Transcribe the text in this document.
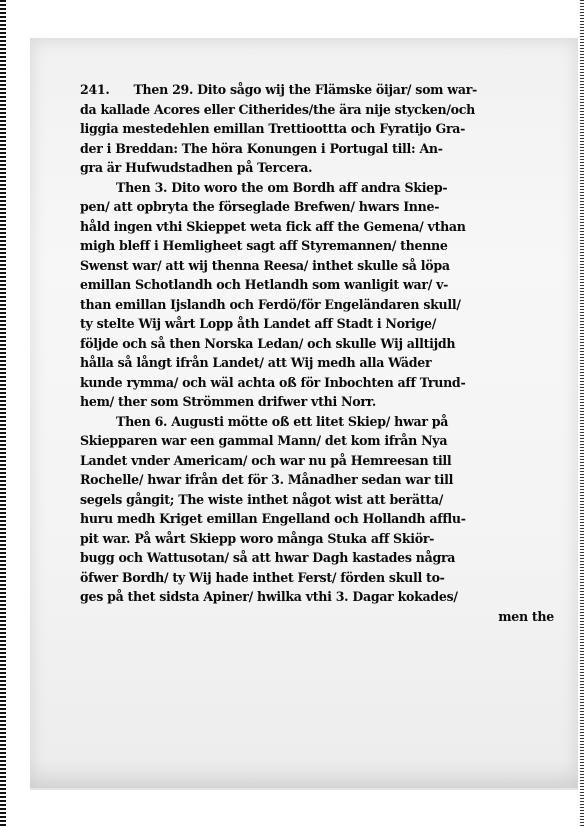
241. Then 29. Dito sågo wij the Flämske öijar/ som war-
da kallade Acores eller Citherides/the ära nije stycken/och
liggia mestedehlen emillan Trettioottta och Fyratijo Gra-
der i Breddan: The höra Konungen i Portugal till: An-
gra är Hufwudstadhen på Tercera.
Then 3. Dito woro the om Bordh aff andra Skiep-
pen/ att opbryta the förseglade Brefwen/ hwars Inne-
håld ingen vthi Skieppet weta fick aff the Gemena/ vthan
migh bleff i Hemligheet sagt aff Styremannen/ thenne
Swenst war/ att wij thenna Reesa/ inthet skulle så löpa
emillan Schotlandh och Hetlandh som wanligit war/ v-
than emillan Ijslandh och Ferdö/för Engeländaren skull/
ty stelte Wij wårt Lopp åth Landet aff Stadt i Norige/
följde och så then Norska Ledan/ och skulle Wij alltijdh
hålla så långt ifrån Landet/ att Wij medh alla Wäder
kunde rymma/ och wäl achta oß för Inbochten aff Trund-
hem/ ther som Strömmen drifwer vthi Norr.
Then 6. Augusti mötte oß ett litet Skiep/ hwar på
Skiepparen war een gammal Mann/ det kom ifrån Nya
Landet vnder Americam/ och war nu på Hemreesan till
Rochelle/ hwar ifrån det för 3. Månadher sedan war till
segels gångit; The wiste inthet något wist att berätta/
huru medh Kriget emillan Engelland och Hollandh afflu-
pit war. På wårt Skiepp woro många Stuka aff Skiör-
bugg och Wattusotan/ så att hwar Dagh kastades några
öfwer Bordh/ ty Wij hade inthet Ferst/ förden skull to-
ges på thet sidsta Apiner/ hwilka vthi 3. Dagar kokades/
men the
